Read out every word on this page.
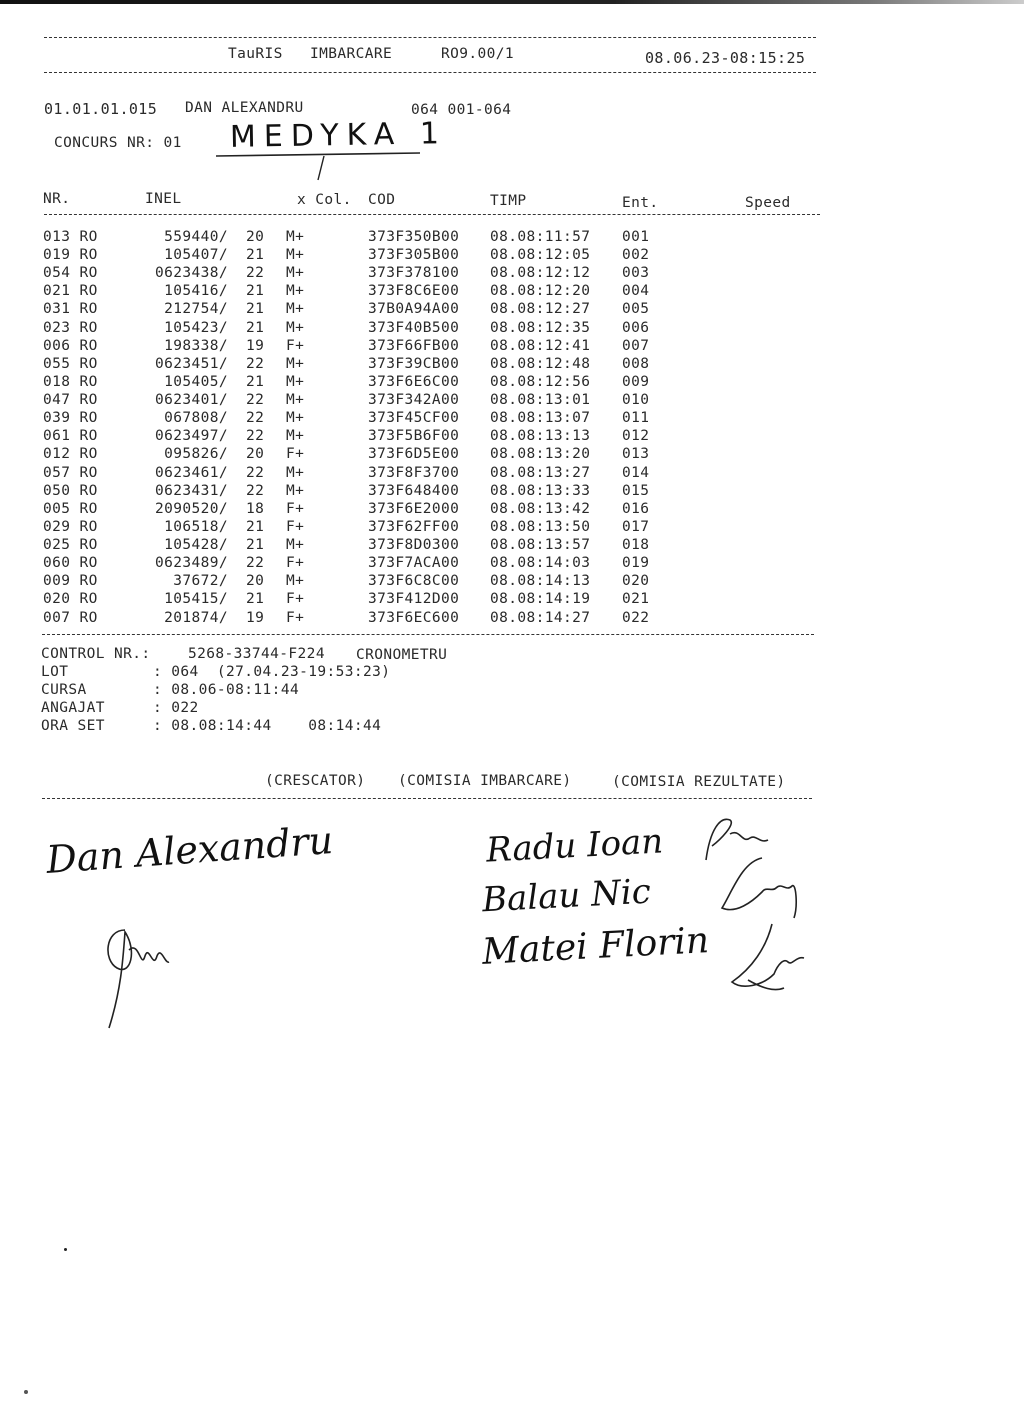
TauRIS IMBARCARE	RO9.00/1	08.06.23-08:15:25
01.01.01.015 DAN ALEXANDRU	064 001-064
CONCURS NR: 01 MEDYKA 1
NR.	INEL	x Col. COD	TIMP	Ent.	Speed
013 RO	559440/ 20 M+	373F350B00	08.08:11:57	001
019 RO	105407/ 21 M+	373F305B00	08.08:12:05	002
054 RO	0623438/ 22 M+	373F378100	08.08:12:12	003
021 RO	105416/ 21 M+	373F8C6E00	08.08:12:20	004
031 RO	212754/ 21 M+	37B0A94A00	08.08:12:27	005
023 RO	105423/ 21 M+	373F40B500	08.08:12:35	006
006 RO	198338/ 19 F+	373F66FB00	08.08:12:41	007
055 RO	0623451/ 22 M+	373F39CB00	08.08:12:48	008
018 RO	105405/ 21 M+	373F6E6C00	08.08:12:56	009
047 RO	0623401/ 22 M+	373F342A00	08.08:13:01	010
039 RO	067808/ 22 M+	373F45CF00	08.08:13:07	011
061 RO	0623497/ 22 M+	373F5B6F00	08.08:13:13	012
012 RO	095826/ 20 F+	373F6D5E00	08.08:13:20	013
057 RO	0623461/ 22 M+	373F8F3700	08.08:13:27	014
050 RO	0623431/ 22 M+	373F648400	08.08:13:33	015
005 RO	2090520/ 18 F+	373F6E2000	08.08:13:42	016
029 RO	106518/ 21 F+	373F62FF00	08.08:13:50	017
025 RO	105428/ 21 M+	373F8D0300	08.08:13:57	018
060 RO	0623489/ 22 F+	373F7ACA00	08.08:14:03	019
009 RO	37672/ 20 M+	373F6C8C00	08.08:14:13	020
020 RO	105415/ 21 F+	373F412D00	08.08:14:19	021
007 RO	201874/ 19 F+	373F6EC600	08.08:14:27	022
CONTROL NR.:	5268-33744-F224 CRONOMETRU
LOT	: 064  (27.04.23-19:53:23)
CURSA	: 08.06-08:11:44
ANGAJAT	: 022
ORA SET	: 08.08:14:44    08:14:44
(CRESCATOR) (COMISIA IMBARCARE)	(COMISIA REZULTATE)
Dan Alexandru	Radu Ioan
Balau Nic
Matei Florin
